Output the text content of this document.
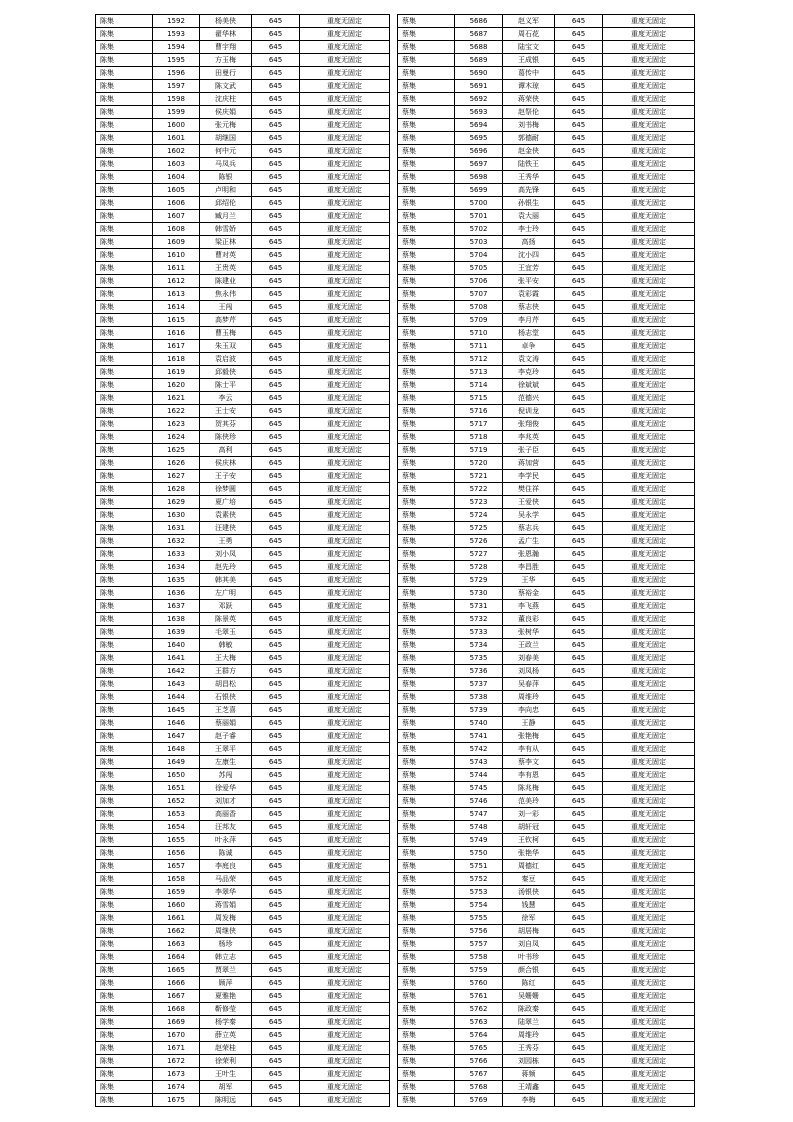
陈集	1592	杨美侠	645	重度无固定
陈集	1593	翟华林	645	重度无固定
陈集	1594	曹宇翔	645	重度无固定
陈集	1595	方玉梅	645	重度无固定
陈集	1596	田曼行	645	重度无固定
陈集	1597	陈文武	645	重度无固定
陈集	1598	沈庆柱	645	重度无固定
陈集	1599	侯庆娟	645	重度无固定
陈集	1600	张元梅	645	重度无固定
陈集	1601	胡继国	645	重度无固定
陈集	1602	何中元	645	重度无固定
陈集	1603	马凤兵	645	重度无固定
陈集	1604	陈银	645	重度无固定
陈集	1605	卢明和	645	重度无固定
陈集	1606	邱绍伦	645	重度无固定
陈集	1607	臧月兰	645	重度无固定
陈集	1608	韩雪娇	645	重度无固定
陈集	1609	梁正林	645	重度无固定
陈集	1610	曹对英	645	重度无固定
陈集	1611	王贵英	645	重度无固定
陈集	1612	陈建业	645	重度无固定
陈集	1613	焦永伟	645	重度无固定
陈集	1614	王闯	645	重度无固定
陈集	1615	高梦芹	645	重度无固定
陈集	1616	曹玉梅	645	重度无固定
陈集	1617	朱玉双	645	重度无固定
陈集	1618	袁启波	645	重度无固定
陈集	1619	邱毅侠	645	重度无固定
陈集	1620	陈士平	645	重度无固定
陈集	1621	李云	645	重度无固定
陈集	1622	王士安	645	重度无固定
陈集	1623	贺其芬	645	重度无固定
陈集	1624	陈侠珍	645	重度无固定
陈集	1625	高利	645	重度无固定
陈集	1626	侯庆林	645	重度无固定
陈集	1627	王子安	645	重度无固定
陈集	1628	徐梦圆	645	重度无固定
陈集	1629	夏广培	645	重度无固定
陈集	1630	袁素侠	645	重度无固定
陈集	1631	汪建侠	645	重度无固定
陈集	1632	王勇	645	重度无固定
陈集	1633	刘小凤	645	重度无固定
陈集	1634	赵先玲	645	重度无固定
陈集	1635	韩其美	645	重度无固定
陈集	1636	左广明	645	重度无固定
陈集	1637	邓跃	645	重度无固定
陈集	1638	陈景英	645	重度无固定
陈集	1639	毛翠玉	645	重度无固定
陈集	1640	韩敏	645	重度无固定
陈集	1641	王大梅	645	重度无固定
陈集	1642	王群方	645	重度无固定
陈集	1643	胡昌松	645	重度无固定
陈集	1644	石银侠	645	重度无固定
陈集	1645	王芝喜	645	重度无固定
陈集	1646	蔡丽娟	645	重度无固定
陈集	1647	赵子睿	645	重度无固定
陈集	1648	王翠平	645	重度无固定
陈集	1649	左康生	645	重度无固定
陈集	1650	苏闯	645	重度无固定
陈集	1651	徐爱华	645	重度无固定
陈集	1652	刘加才	645	重度无固定
陈集	1653	高丽香	645	重度无固定
陈集	1654	汪邦友	645	重度无固定
陈集	1655	叶永萍	645	重度无固定
陈集	1656	陈诚	645	重度无固定
陈集	1657	李庭良	645	重度无固定
陈集	1658	马品荣	645	重度无固定
陈集	1659	李翠华	645	重度无固定
陈集	1660	蒋雪娟	645	重度无固定
陈集	1661	周发梅	645	重度无固定
陈集	1662	周继侠	645	重度无固定
陈集	1663	杨珍	645	重度无固定
陈集	1664	韩立志	645	重度无固定
陈集	1665	贾翠兰	645	重度无固定
陈集	1666	顾萍	645	重度无固定
陈集	1667	夏雅艳	645	重度无固定
陈集	1668	靳修莹	645	重度无固定
陈集	1669	杨学秦	645	重度无固定
陈集	1670	薛立英	645	重度无固定
陈集	1671	赵荣桂	645	重度无固定
陈集	1672	徐荣利	645	重度无固定
陈集	1673	王叶生	645	重度无固定
陈集	1674	胡军	645	重度无固定
陈集	1675	陈明远	645	重度无固定
蔡集	5686	赵义军	645	重度无固定
蔡集	5687	周石花	645	重度无固定
蔡集	5688	陆宝文	645	重度无固定
蔡集	5689	王成银	645	重度无固定
蔡集	5690	葛传中	645	重度无固定
蔡集	5691	谭木琼	645	重度无固定
蔡集	5692	蒋荣侠	645	重度无固定
蔡集	5693	赵祭伦	645	重度无固定
蔡集	5694	刘书梅	645	重度无固定
蔡集	5695	郭德耐	645	重度无固定
蔡集	5696	赵金侠	645	重度无固定
蔡集	5697	陆铁王	645	重度无固定
蔡集	5698	王秀华	645	重度无固定
蔡集	5699	高先锋	645	重度无固定
蔡集	5700	孙银生	645	重度无固定
蔡集	5701	袁大丽	645	重度无固定
蔡集	5702	李士玲	645	重度无固定
蔡集	5703	高扬	645	重度无固定
蔡集	5704	沈小四	645	重度无固定
蔡集	5705	王宜芳	645	重度无固定
蔡集	5706	张平安	645	重度无固定
蔡集	5707	袁彩霞	645	重度无固定
蔡集	5708	蔡志侠	645	重度无固定
蔡集	5709	李月芹	645	重度无固定
蔡集	5710	杨志堂	645	重度无固定
蔡集	5711	卓争	645	重度无固定
蔡集	5712	袁文涛	645	重度无固定
蔡集	5713	李克玲	645	重度无固定
蔡集	5714	徐斌斌	645	重度无固定
蔡集	5715	范德兴	645	重度无固定
蔡集	5716	倪训龙	645	重度无固定
蔡集	5717	张翔俊	645	重度无固定
蔡集	5718	李兆英	645	重度无固定
蔡集	5719	张子臣	645	重度无固定
蔡集	5720	蒋加营	645	重度无固定
蔡集	5721	李学民	645	重度无固定
蔡集	5722	樊住祥	645	重度无固定
蔡集	5723	王爱侠	645	重度无固定
蔡集	5724	吴永学	645	重度无固定
蔡集	5725	蔡志兵	645	重度无固定
蔡集	5726	孟广生	645	重度无固定
蔡集	5727	张恩瀚	645	重度无固定
蔡集	5728	李昌胜	645	重度无固定
蔡集	5729	王华	645	重度无固定
蔡集	5730	蔡裕金	645	重度无固定
蔡集	5731	李飞燕	645	重度无固定
蔡集	5732	董良彩	645	重度无固定
蔡集	5733	张树华	645	重度无固定
蔡集	5734	王政兰	645	重度无固定
蔡集	5735	刘春美	645	重度无固定
蔡集	5736	刘凤杨	645	重度无固定
蔡集	5737	吴春萍	645	重度无固定
蔡集	5738	周维玲	645	重度无固定
蔡集	5739	李向忠	645	重度无固定
蔡集	5740	王静	645	重度无固定
蔡集	5741	张艳梅	645	重度无固定
蔡集	5742	李有从	645	重度无固定
蔡集	5743	蔡李文	645	重度无固定
蔡集	5744	李有恩	645	重度无固定
蔡集	5745	陈兆梅	645	重度无固定
蔡集	5746	范美玲	645	重度无固定
蔡集	5747	刘一彩	645	重度无固定
蔡集	5748	胡轩冠	645	重度无固定
蔡集	5749	王钦柯	645	重度无固定
蔡集	5750	张艳华	645	重度无固定
蔡集	5751	周德红	645	重度无固定
蔡集	5752	秦豆	645	重度无固定
蔡集	5753	汤银侠	645	重度无固定
蔡集	5754	钱慧	645	重度无固定
蔡集	5755	徐军	645	重度无固定
蔡集	5756	胡居梅	645	重度无固定
蔡集	5757	刘自凤	645	重度无固定
蔡集	5758	叶书珍	645	重度无固定
蔡集	5759	颜合银	645	重度无固定
蔡集	5760	陈红	645	重度无固定
蔡集	5761	吴姗姗	645	重度无固定
蔡集	5762	陈政秦	645	重度无固定
蔡集	5763	陆翠兰	645	重度无固定
蔡集	5764	周维玲	645	重度无固定
蔡集	5765	王秀芬	645	重度无固定
蔡集	5766	刘园栋	645	重度无固定
蔡集	5767	蒋频	645	重度无固定
蔡集	5768	王靖鑫	645	重度无固定
蔡集	5769	李梅	645	重度无固定
